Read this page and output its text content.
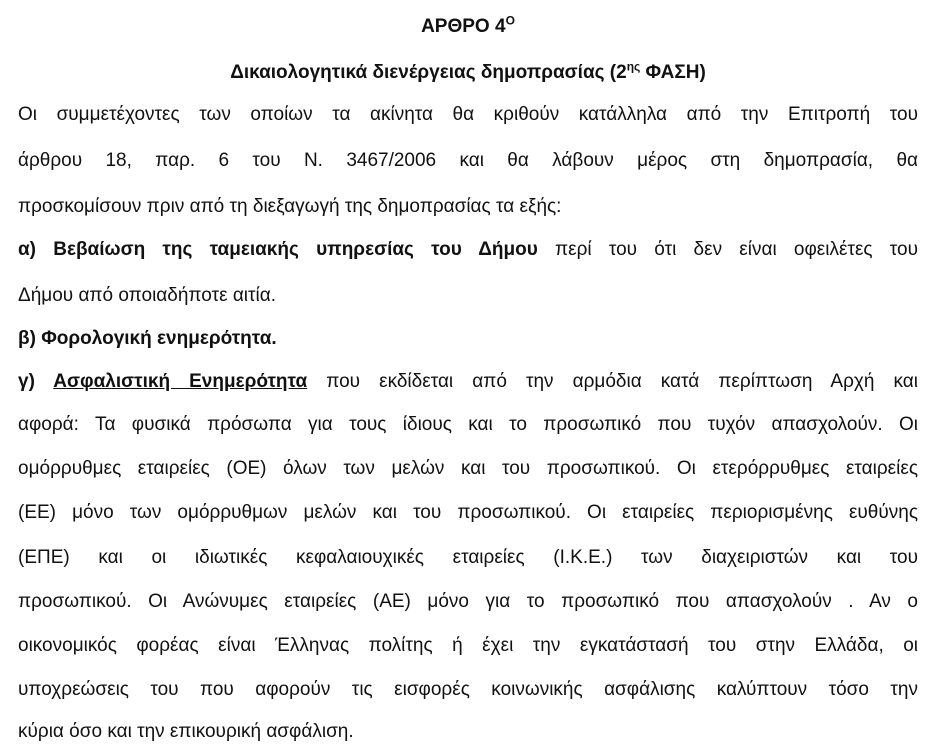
ΑΡΘΡΟ $4^O$
Δικαιολογητικά διενέργειας δημοπρασίας ($2^{\eta\varsigma}$ ΦΑΣΗ)
Οι συμμετέχοντες των οποίων τα ακίνητα θα κριθούν κατάλληλα από την Επιτροπή του
άρθρου 18, παρ. 6 του Ν. 3467/2006 και θα λάβουν μέρος στη δημοπρασία, θα
προσκομίσουν πριν από τη διεξαγωγή της δημοπρασίας τα εξής:
α) Βεβαίωση της ταμειακής υπηρεσίας του Δήμου περί του ότι δεν είναι οφειλέτες του
Δήμου από οποιαδήποτε αιτία.
β) Φορολογική ενημερότητα.
γ) Ασφαλιστική Ενημερότητα που εκδίδεται από την αρμόδια κατά περίπτωση Αρχή και
αφορά: Τα φυσικά πρόσωπα για τους ίδιους και το προσωπικό που τυχόν απασχολούν. Οι
ομόρρυθμες εταιρείες (ΟΕ) όλων των μελών και του προσωπικού. Οι ετερόρρυθμες εταιρείες
(ΕΕ) μόνο των ομόρρυθμων μελών και του προσωπικού. Οι εταιρείες περιορισμένης ευθύνης
(ΕΠΕ) και οι ιδιωτικές κεφαλαιουχικές εταιρείες (Ι.Κ.Ε.) των διαχειριστών και του
προσωπικού. Οι Ανώνυμες εταιρείες (ΑΕ) μόνο για το προσωπικό που απασχολούν . Αν ο
οικονομικός φορέας είναι Έλληνας πολίτης ή έχει την εγκατάστασή του στην Ελλάδα, οι
υποχρεώσεις του που αφορούν τις εισφορές κοινωνικής ασφάλισης καλύπτουν τόσο την
κύρια όσο και την επικουρική ασφάλιση.
